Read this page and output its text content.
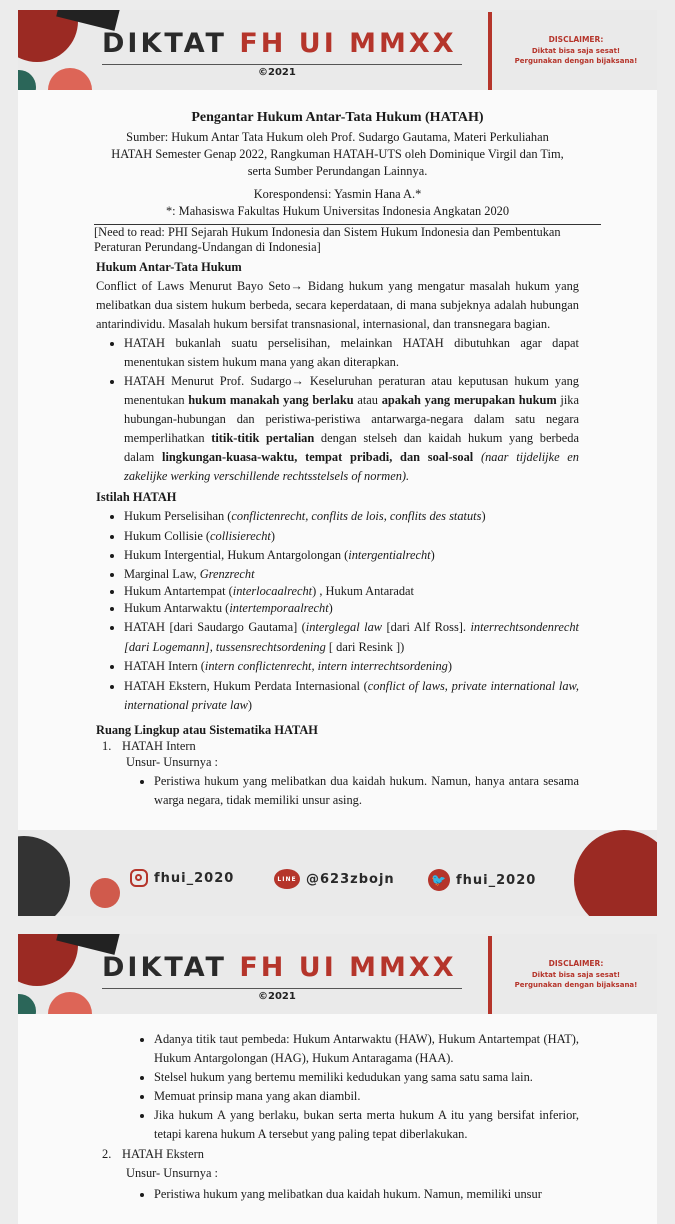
DIKTAT FH UI MMXX
©2021
DISCLAIMER:
Diktat bisa saja sesat!
Pergunakan dengan bijaksana!
Pengantar Hukum Antar-Tata Hukum (HATAH)
Sumber: Hukum Antar Tata Hukum oleh Prof. Sudargo Gautama, Materi Perkuliahan
HATAH Semester Genap 2022, Rangkuman HATAH-UTS oleh Dominique Virgil dan Tim,
serta Sumber Perundangan Lainnya.
Korespondensi: Yasmin Hana A.*
*: Mahasiswa Fakultas Hukum Universitas Indonesia Angkatan 2020
[Need to read: PHI Sejarah Hukum Indonesia dan Sistem Hukum Indonesia dan Pembentukan Peraturan Perundang-Undangan di Indonesia]
Hukum Antar-Tata Hukum
Conflict of Laws Menurut Bayo Seto→ Bidang hukum yang mengatur masalah hukum yang melibatkan dua sistem hukum berbeda, secara keperdataan, di mana subjeknya adalah hubungan antarindividu. Masalah hukum bersifat transnasional, internasional, dan transnegara bagian.
• HATAH bukanlah suatu perselisihan, melainkan HATAH dibutuhkan agar dapat menentukan sistem hukum mana yang akan diterapkan.
• HATAH Menurut Prof. Sudargo→ Keseluruhan peraturan atau keputusan hukum yang menentukan hukum manakah yang berlaku atau apakah yang merupakan hukum jika hubungan-hubungan dan peristiwa-peristiwa antarwarga-negara dalam satu negara memperlihatkan titik-titik pertalian dengan stelseh dan kaidah hukum yang berbeda dalam lingkungan-kuasa-waktu, tempat pribadi, dan soal-soal (naar tijdelijke en zakelijke werking verschillende rechtsstelsels of normen).
Istilah HATAH
• Hukum Perselisihan (conflictenrecht, conflits de lois, conflits des statuts)
• Hukum Collisie (collisierecht)
• Hukum Intergential, Hukum Antargolongan (intergentialrecht)
• Marginal Law, Grenzrecht
• Hukum Antartempat (interlocaalrecht) , Hukum Antaradat
• Hukum Antarwaktu (intertemporaalrecht)
• HATAH [dari Saudargo Gautama] (interglegal law [dari Alf Ross]. interrechtsondenrecht [dari Logemann], tussensrechtsordening [ dari Resink ])
• HATAH Intern (intern conflictenrecht, intern interrechtsordening)
• HATAH Ekstern, Hukum Perdata Internasional (conflict of laws, private international law, international private law)
Ruang Lingkup atau Sistematika HATAH
1. HATAH Intern
Unsur- Unsurnya :
• Peristiwa hukum yang melibatkan dua kaidah hukum. Namun, hanya antara sesama warga negara, tidak memiliki unsur asing.
fhui_2020	LINE @623zbojn	🐦 fhui_2020
DIKTAT FH UI MMXX
©2021
DISCLAIMER:
Diktat bisa saja sesat!
Pergunakan dengan bijaksana!
• Adanya titik taut pembeda: Hukum Antarwaktu (HAW), Hukum Antartempat (HAT), Hukum Antargolongan (HAG), Hukum Antaragama (HAA).
• Stelsel hukum yang bertemu memiliki kedudukan yang sama satu sama lain.
• Memuat prinsip mana yang akan diambil.
• Jika hukum A yang berlaku, bukan serta merta hukum A itu yang bersifat inferior, tetapi karena hukum A tersebut yang paling tepat diberlakukan.
2. HATAH Ekstern
Unsur- Unsurnya :
• Peristiwa hukum yang melibatkan dua kaidah hukum. Namun, memiliki unsur
